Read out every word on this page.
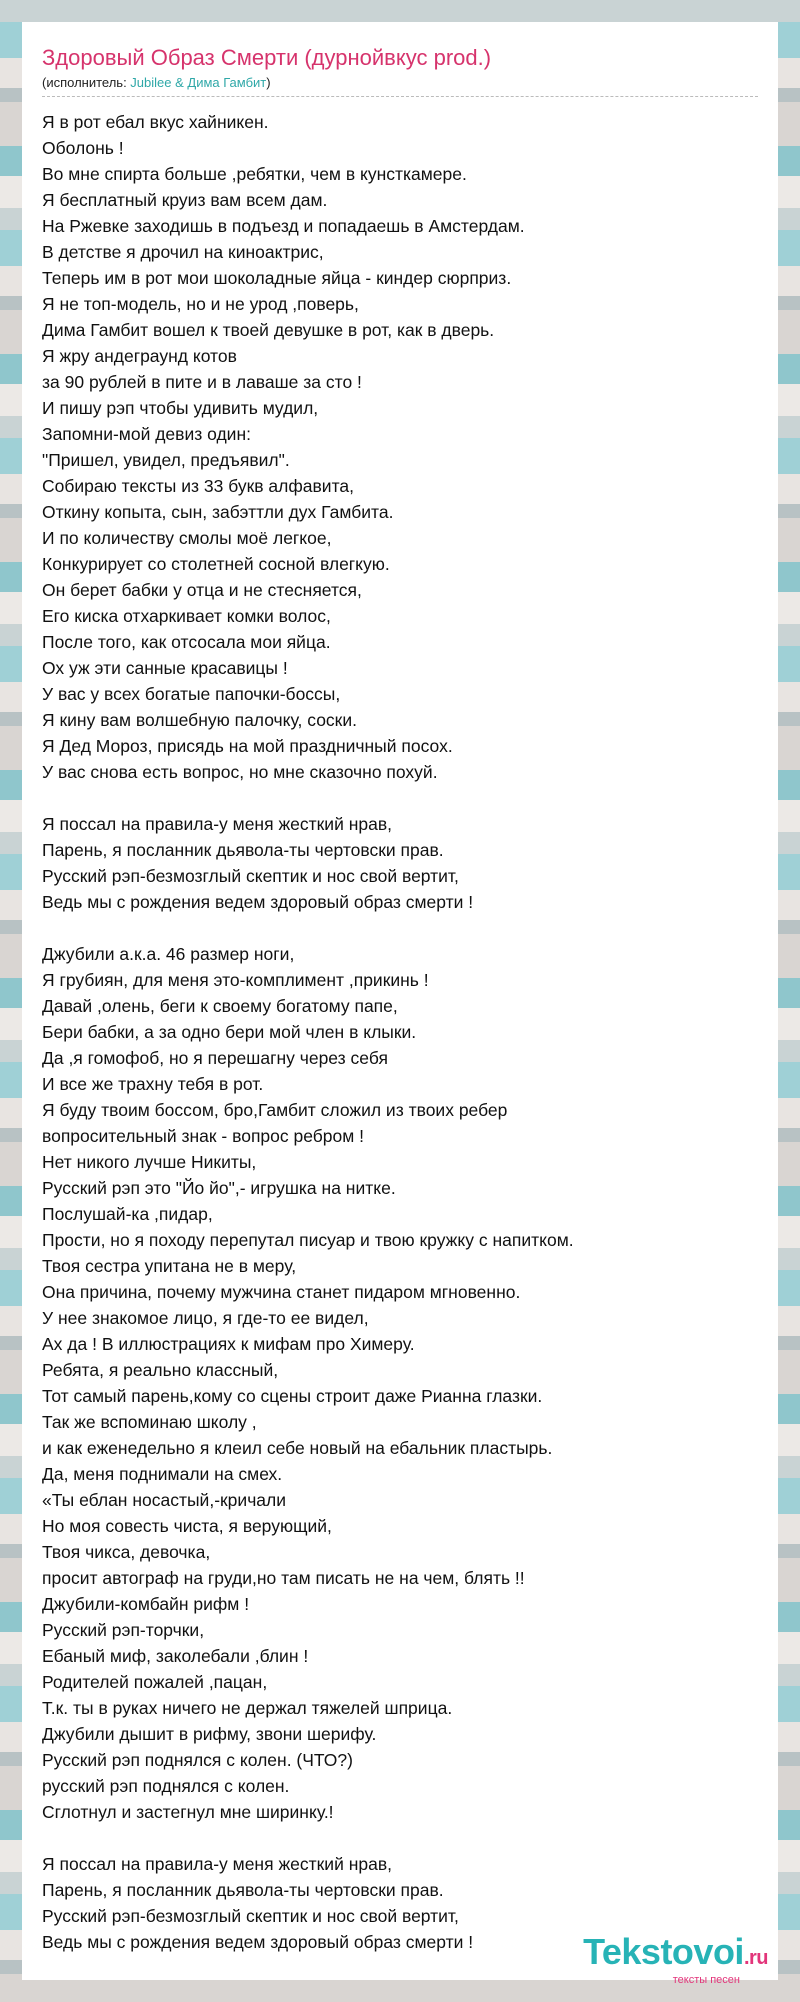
Здоровый Образ Смерти (дурнойвкус prod.)
(исполнитель: Jubilee & Дима Гамбит)
Я в рот ебал вкус хайникен.
Оболонь !
Во мне спирта больше ,ребятки, чем в кунсткамере.
Я бесплатный круиз вам всем дам.
На Ржевке заходишь в подъезд и попадаешь в Амстердам.
В детстве я дрочил на киноактрис,
Теперь им в рот мои шоколадные яйца - киндер сюрприз.
Я не топ-модель, но и не урод ,поверь,
Дима Гамбит вошел к твоей девушке в рот, как в дверь.
Я жру андеграунд котов
за 90 рублей в пите и в лаваше за сто !
И пишу рэп чтобы удивить мудил,
Запомни-мой девиз один:
"Пришел, увидел, предъявил".
Собираю тексты из 33 букв алфавита,
Откину копыта, сын, забэттли дух Гамбита.
И по количеству смолы моё легкое,
Конкурирует со столетней сосной влегкую.
Он берет бабки у отца и не стесняется,
Его киска отхаркивает комки волос,
После того, как отсосала мои яйца.
Ох уж эти санные красавицы !
У вас у всех богатые папочки-боссы,
Я кину вам волшебную палочку, соски.
Я Дед Мороз, присядь на мой праздничный посох.
У вас снова есть вопрос, но мне сказочно похуй.
Я поссал на правила-у меня жесткий нрав,
Парень, я посланник дьявола-ты чертовски прав.
Русский рэп-безмозглый скептик и нос свой вертит,
Ведь мы с рождения ведем здоровый образ смерти !
Джубили а.к.а. 46 размер ноги,
Я грубиян, для меня это-комплимент ,прикинь !
Давай ,олень, беги к своему богатому папе,
Бери бабки, а за одно бери мой член в клыки.
Да ,я гомофоб, но я перешагну через себя
И все же трахну тебя в рот.
Я буду твоим боссом, бро,Гамбит сложил из твоих ребер
вопросительный знак - вопрос ребром !
Нет никого лучше Никиты,
Русский рэп это "Йо йо",- игрушка на нитке.
Послушай-ка ,пидар,
Прости, но я походу перепутал писуар и твою кружку с напитком.
Твоя сестра упитана не в меру,
Она причина, почему мужчина станет пидаром мгновенно.
У нее знакомое лицо, я где-то ее видел,
Ах да ! В иллюстрациях к мифам про Химеру.
Ребята, я реально классный,
Тот самый парень,кому со сцены строит даже Рианна глазки.
Так же вспоминаю школу ,
и как еженедельно я клеил себе новый на ебальник пластырь.
Да, меня поднимали на смех.
«Ты еблан носастый,-кричали
Но моя совесть чиста, я верующий,
Твоя чикса, девочка,
просит автограф на груди,но там писать не на чем, блять !!
Джубили-комбайн рифм !
Русский рэп-торчки,
Ебаный миф, заколебали ,блин !
Родителей пожалей ,пацан,
Т.к. ты в руках ничего не держал тяжелей шприца.
Джубили дышит в рифму, звони шерифу.
Русский рэп поднялся с колен. (ЧТО?)
русский рэп поднялся с колен.
Сглотнул и застегнул мне ширинку.!
Я поссал на правила-у меня жесткий нрав,
Парень, я посланник дьявола-ты чертовски прав.
Русский рэп-безмозглый скептик и нос свой вертит,
Ведь мы с рождения ведем здоровый образ смерти !	Tekstovoi.ru
тексты песен
